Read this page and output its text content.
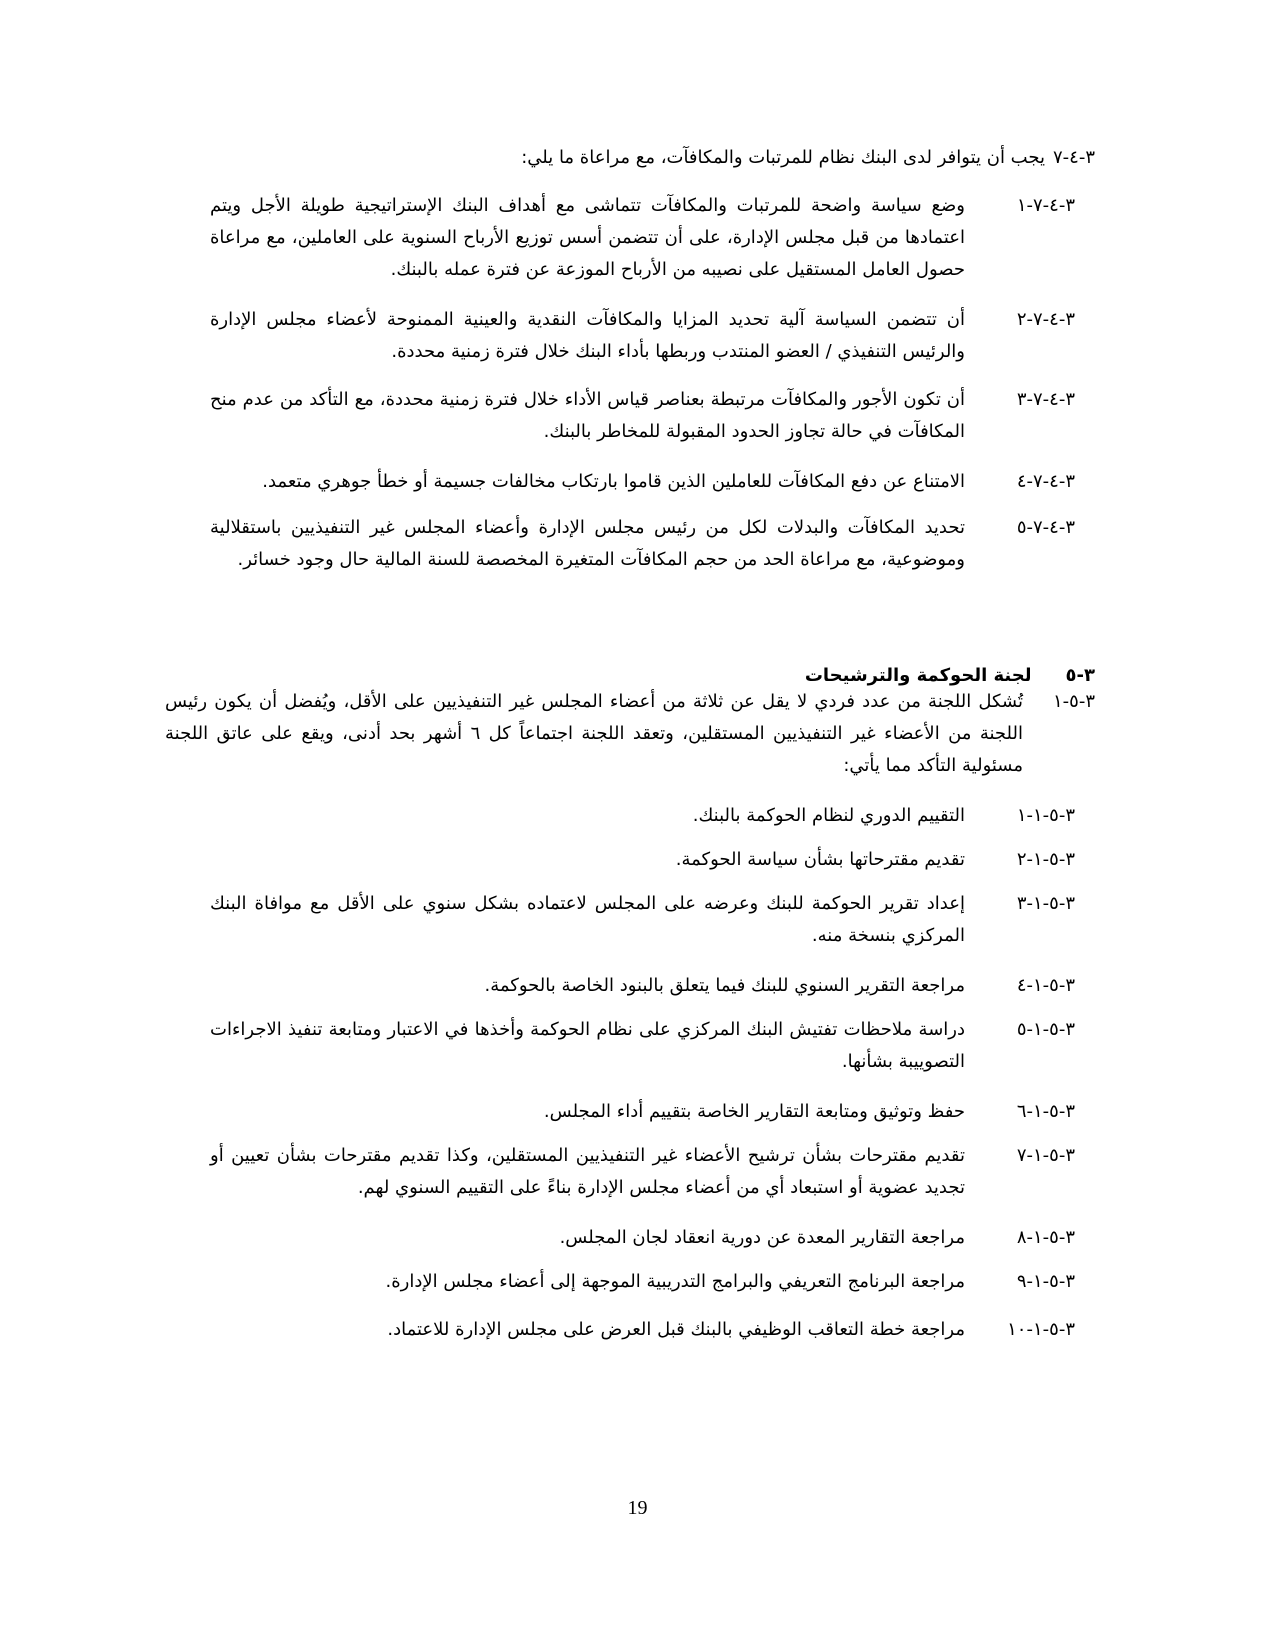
٣-٤-٧
يجب أن يتوافر لدى البنك نظام للمرتبات والمكافآت، مع مراعاة ما يلي:
٣-٤-٧-١
وضع سياسة واضحة للمرتبات والمكافآت تتماشى مع أهداف البنك الإستراتيجية طويلة الأجل ويتم اعتمادها من قبل مجلس الإدارة، على أن تتضمن أسس توزيع الأرباح السنوية على العاملين، مع مراعاة حصول العامل المستقيل على نصيبه من الأرباح الموزعة عن فترة عمله بالبنك.
٣-٤-٧-٢
أن تتضمن السياسة آلية تحديد المزايا والمكافآت النقدية والعينية الممنوحة لأعضاء مجلس الإدارة والرئيس التنفيذي / العضو المنتدب وربطها بأداء البنك خلال فترة زمنية محددة.
٣-٤-٧-٣
أن تكون الأجور والمكافآت مرتبطة بعناصر قياس الأداء خلال فترة زمنية محددة، مع التأكد من عدم منح المكافآت في حالة تجاوز الحدود المقبولة للمخاطر بالبنك.
٣-٤-٧-٤
الامتناع عن دفع المكافآت للعاملين الذين قاموا بارتكاب مخالفات جسيمة أو خطأ جوهري متعمد.
٣-٤-٧-٥
تحديد المكافآت والبدلات لكل من رئيس مجلس الإدارة وأعضاء المجلس غير التنفيذيين باستقلالية وموضوعية، مع مراعاة الحد من حجم المكافآت المتغيرة المخصصة للسنة المالية حال وجود خسائر.
٣-٥
لجنة الحوكمة والترشيحات
٣-٥-١
تُشكل اللجنة من عدد فردي لا يقل عن ثلاثة من أعضاء المجلس غير التنفيذيين على الأقل، ويُفضل أن يكون رئيس اللجنة من الأعضاء غير التنفيذيين المستقلين، وتعقد اللجنة اجتماعاً كل ٦ أشهر بحد أدنى، ويقع على عاتق اللجنة مسئولية التأكد مما يأتي:
٣-٥-١-١
التقييم الدوري لنظام الحوكمة بالبنك.
٣-٥-١-٢
تقديم مقترحاتها بشأن سياسة الحوكمة.
٣-٥-١-٣
إعداد تقرير الحوكمة للبنك وعرضه على المجلس لاعتماده بشكل سنوي على الأقل مع موافاة البنك المركزي بنسخة منه.
٣-٥-١-٤
مراجعة التقرير السنوي للبنك فيما يتعلق بالبنود الخاصة بالحوكمة.
٣-٥-١-٥
دراسة ملاحظات تفتيش البنك المركزي على نظام الحوكمة وأخذها في الاعتبار ومتابعة تنفيذ الاجراءات التصوييبة بشأنها.
٣-٥-١-٦
حفظ وتوثيق ومتابعة التقارير الخاصة بتقييم أداء المجلس.
٣-٥-١-٧
تقديم مقترحات بشأن ترشيح الأعضاء غير التنفيذيين المستقلين، وكذا تقديم مقترحات بشأن تعيين أو تجديد عضوية أو استبعاد أي من أعضاء مجلس الإدارة بناءً على التقييم السنوي لهم.
٣-٥-١-٨
مراجعة التقارير المعدة عن دورية انعقاد لجان المجلس.
٣-٥-١-٩
مراجعة البرنامج التعريفي والبرامج التدريبية الموجهة إلى أعضاء مجلس الإدارة.
٣-٥-١-١٠
مراجعة خطة التعاقب الوظيفي بالبنك قبل العرض على مجلس الإدارة للاعتماد.
19
